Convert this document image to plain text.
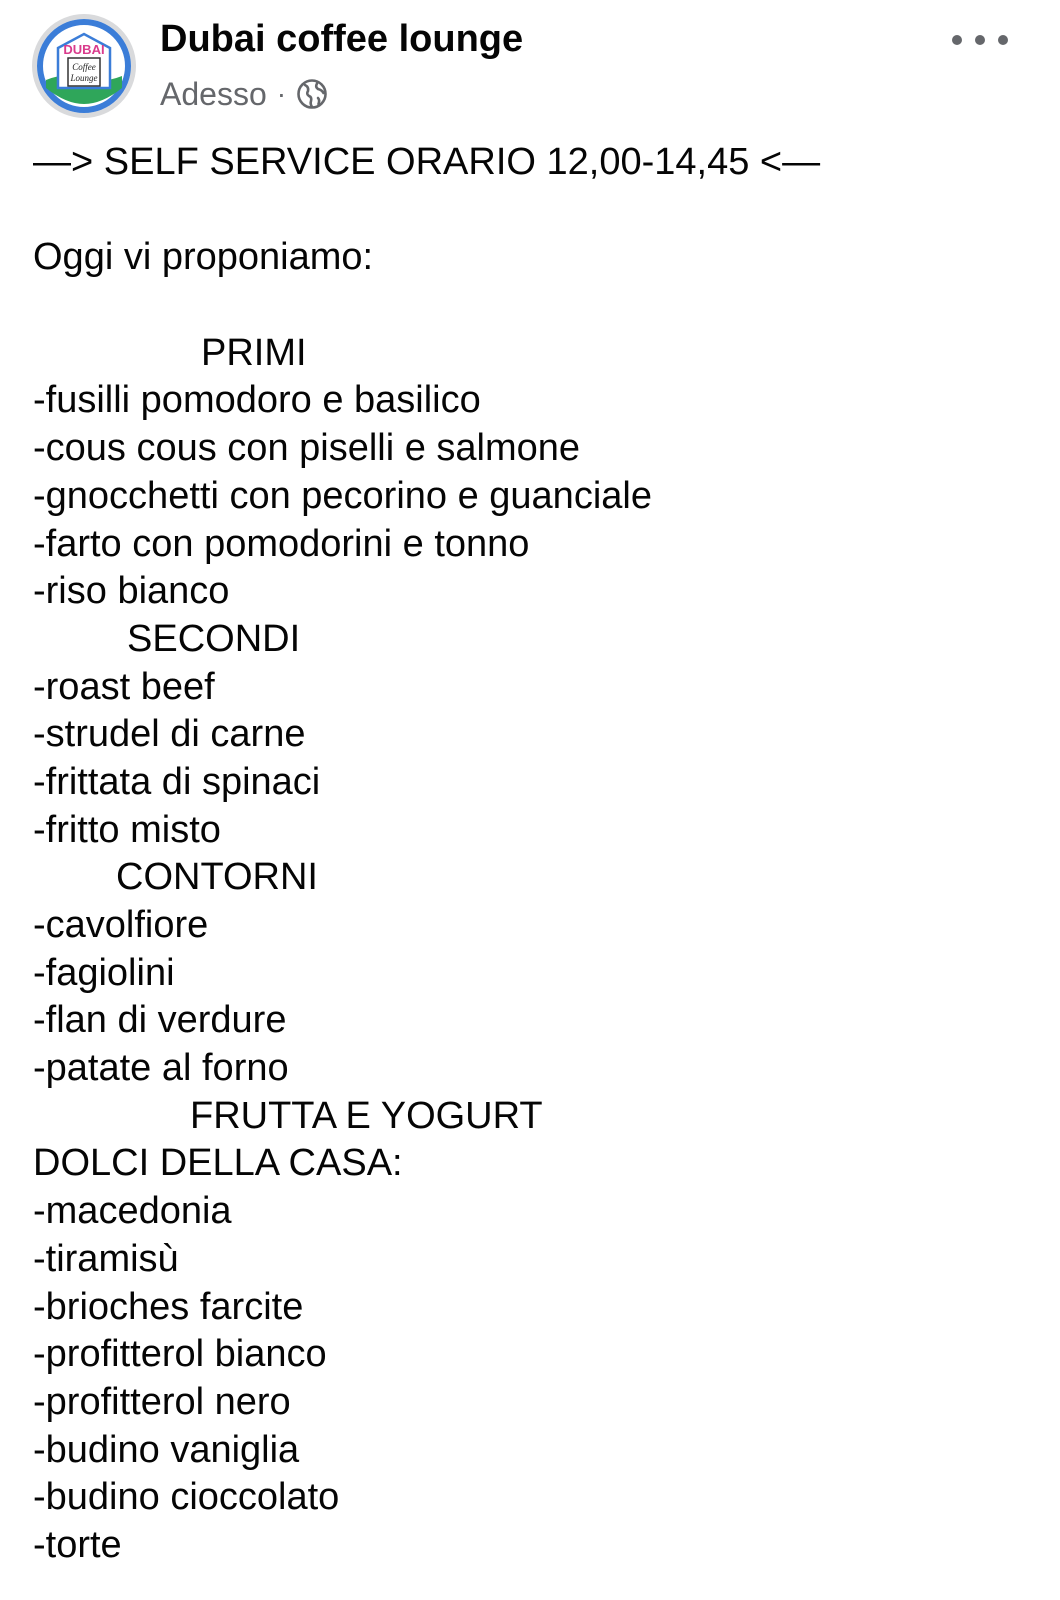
DUBAI
Coffee
Lounge
Dubai coffee lounge
Adesso ·
—> SELF SERVICE ORARIO 12,00-14,45 <—
Oggi vi proponiamo:
PRIMI
-fusilli pomodoro e basilico
-cous cous con piselli e salmone
-gnocchetti con pecorino e guanciale
-farto con pomodorini e tonno
-riso bianco
SECONDI
-roast beef
-strudel di carne
-frittata di spinaci
-fritto misto
CONTORNI
-cavolfiore
-fagiolini
-flan di verdure
-patate al forno
FRUTTA E YOGURT
DOLCI DELLA CASA:
-macedonia
-tiramisù
-brioches farcite
-profitterol bianco
-profitterol nero
-budino vaniglia
-budino cioccolato
-torte
